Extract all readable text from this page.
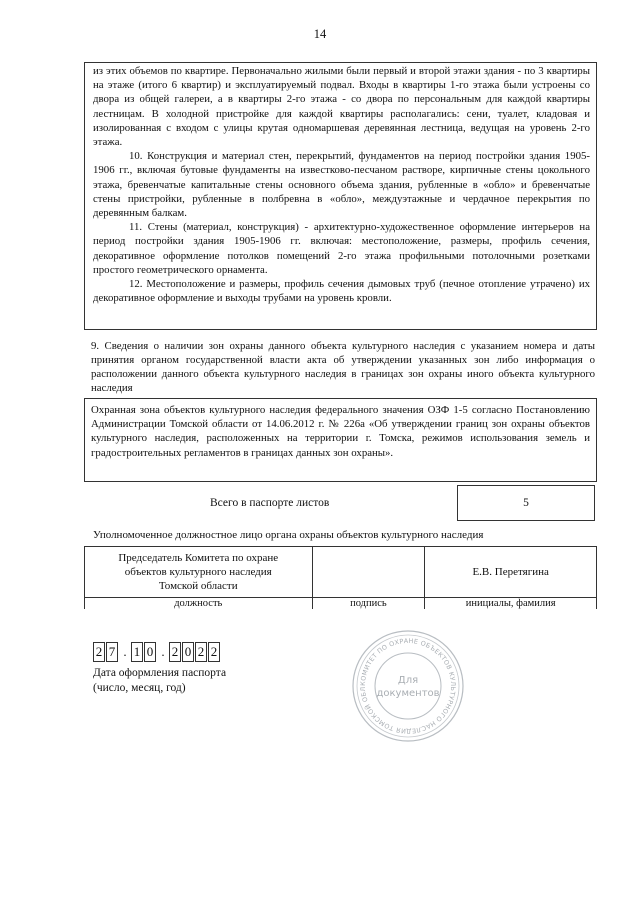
14

из этих объемов по квартире. Первоначально жилыми были первый и второй этажи здания - по 3 квартиры на этаже (итого 6 квартир) и эксплуатируемый подвал. Входы в квартиры 1-го этажа были устроены со двора из общей галереи, а в квартиры 2-го этажа - со двора по персональным для каждой квартиры лестницам. В холодной пристройке для каждой квартиры располагались: сени, туалет, кладовая и изолированная с входом с улицы крутая одномаршевая деревянная лестница, ведущая на уровень 2-го этажа.

10. Конструкция и материал стен, перекрытий, фундаментов на период постройки здания 1905-1906 гг., включая бутовые фундаменты на известково-песчаном растворе, кирпичные стены цокольного этажа, бревенчатые капитальные стены основного объема здания, рубленные в «обло» и бревенчатые стены пристройки, рубленные в полбревна в «обло», междуэтажные и чердачное перекрытия по деревянным балкам.

11. Стены (материал, конструкция) - архитектурно-художественное оформление интерьеров на период постройки здания 1905-1906 гг. включая: местоположение, размеры, профиль сечения, декоративное оформление потолков помещений 2-го этажа профильными потолочными розетками простого геометрического орнамента.

12. Местоположение и размеры, профиль сечения дымовых труб (печное отопление утрачено) их декоративное оформление и выходы трубами на уровень кровли.

9. Сведения о наличии зон охраны данного объекта культурного наследия с указанием номера и даты принятия органом государственной власти акта об утверждении указанных зон либо информация о расположении данного объекта культурного наследия в границах зон охраны иного объекта культурного наследия

Охранная зона объектов культурного наследия федерального значения ОЗФ 1-5 согласно Постановлению Администрации Томской области от 14.06.2012 г. № 226а «Об утверждении границ зон охраны объектов культурного наследия, расположенных на территории г. Томска, режимов использования земель и градостроительных регламентов в границах данных зон охраны».

Всего в паспорте листов	5
Уполномоченное должностное лицо органа охраны объектов культурного наследия
Председатель Комитета по охране
объектов культурного наследия
Томской области		Е.В. Перетягина
должность	подпись	инициалы, фамилия
2 7 . 1 0 . 2 0 2 2
Дата оформления паспорта
(число, месяц, год)	КОМИТЕТ ПО ОХРАНЕ ОБЪЕКТОВ КУЛЬТУРНОГО НАСЛЕДИЯ ТОМСКОЙ ОБЛ
Для
документов
